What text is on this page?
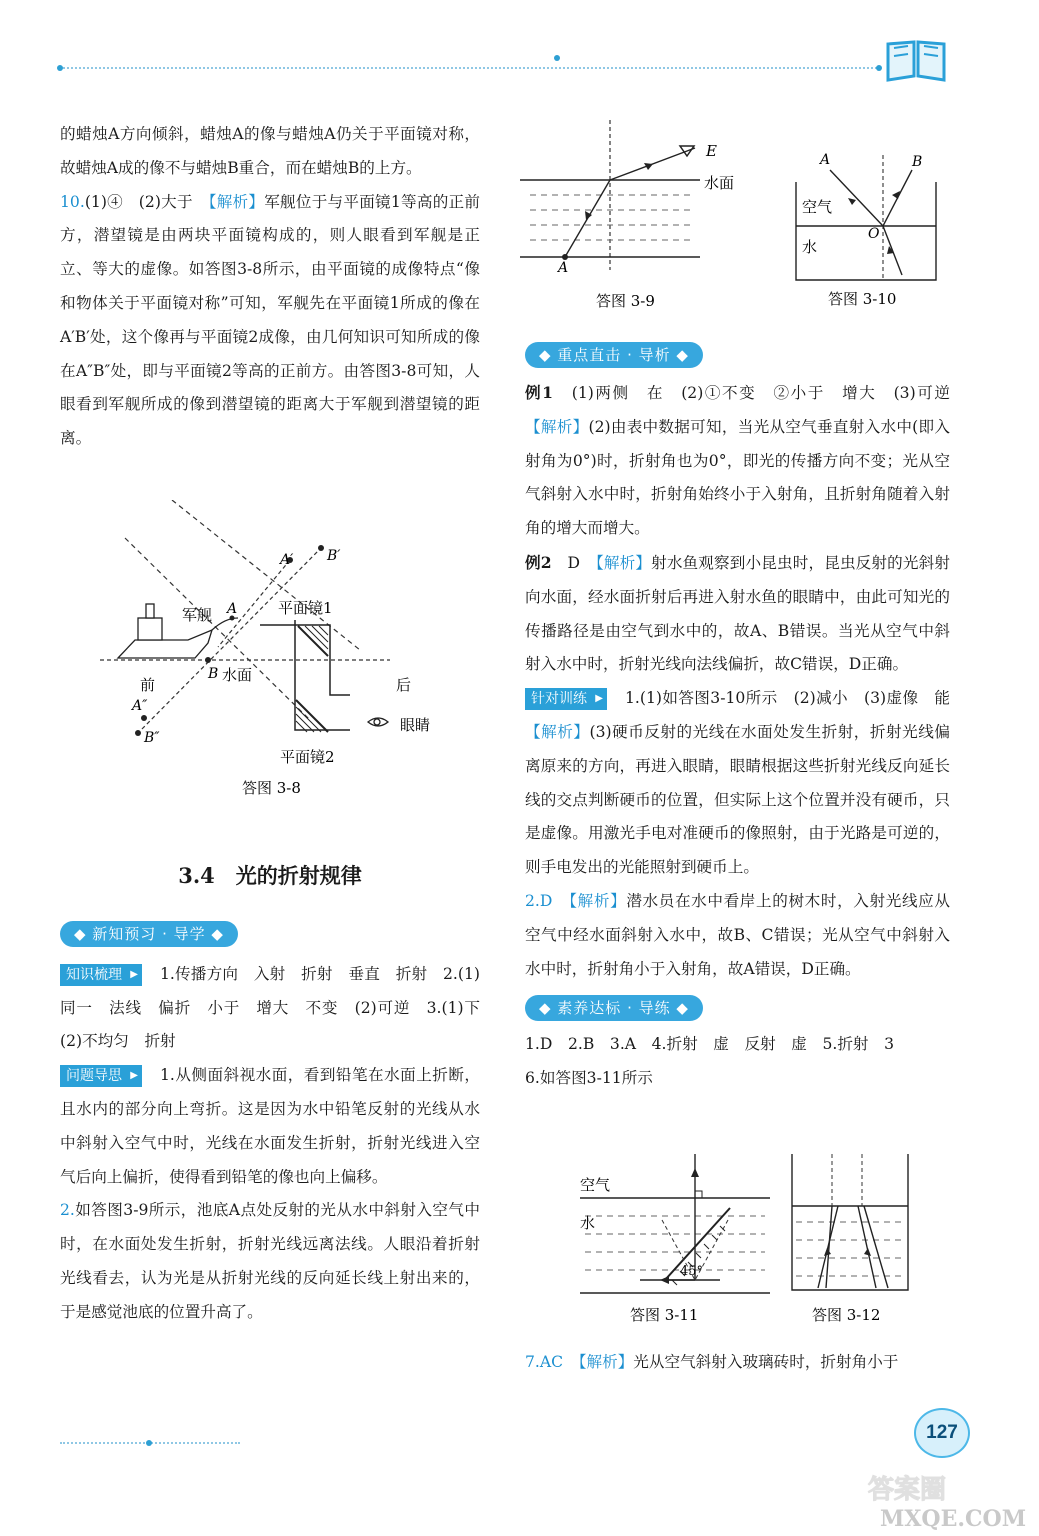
的蜡烛A方向倾斜，蜡烛A的像与蜡烛A仍关于平面镜对称，故蜡烛A成的像不与蜡烛B重合，而在蜡烛B的上方。

10.(1)④　(2)大于　 【 解析 】 军舰位于与平面镜1等高的正前方，潜望镜是由两块平面镜构成的，则人眼看到军舰是正立、等大的虚像。如答图3-8所示，由平面镜的成像特点“像和物体关于平面镜对称”可知，军舰先在平面镜1所成的像在A′B′处，这个像再与平面镜2成像，由几何知识可知所成的像在A″B″处，即与平面镜2等高的正前方。由答图3-8可知，人眼看到军舰所成的像到潜望镜的距离大于军舰到潜望镜的距离。

A′ B′
军舰 A	平面镜1
B 水面
前
A″
B″
后
眼睛
平面镜2
答图 3-8
3.4　光的折射规律

◆ 新知预习 · 导学 ◆

知识梳理 ▶ 1.传播方向　入射　折射　垂直　折射　 2.(1)同一　法线　偏折　小于　增大　不变　 (2)可逆　 3.(1)下　(2)不均匀　折射

问题导思 ▶ 1.从侧面斜视水面，看到铅笔在水面上折断，且水内的部分向上弯折。这是因为水中铅笔反射的光线从水中斜射入空气中时，光线在水面发生折射，折射光线进入空气后向上偏折，使得看到铅笔的像也向上偏移。

2.如答图3-9所示，池底A点处反射的光从水中斜射入空气中时，在水面处发生折射，折射光线远离法线。人眼沿着折射光线看去，认为光是从折射光线的反向延长线上射出来的，于是感觉池底的位置升高了。

E
水面
A
答图 3-9
A	B
空气
O
水
答图 3-10
◆ 重点直击 · 导析 ◆

例1　 (1)两侧　在　(2)①不变　②小于　增大　(3)可逆　【 解析 】 (2)由表中数据可知，当光从空气垂直射入水中(即入射角为0°)时，折射角也为0°，即光的传播方向不变；光从空气斜射入水中时，折射角始终小于入射角，且折射角随着入射角的增大而增大。

例2　 D　 【 解析 】 射水鱼观察到小昆虫时，昆虫反射的光斜射向水面，经水面折射后再进入射水鱼的眼睛中，由此可知光的传播路径是由空气到水中的，故A、B错误。当光从空气中斜射入水中时，折射光线向法线偏折，故C错误，D正确。

针对训练 ▶ 1.(1)如答图3-10所示　(2)减小　(3)虚像　能　【 解析 】 (3)硬币反射的光线在水面处发生折射，折射光线偏离原来的方向，再进入眼睛，眼睛根据这些折射光线反向延长线的交点判断硬币的位置，但实际上这个位置并没有硬币，只是虚像。用激光手电对准硬币的像照射，由于光路是可逆的，则手电发出的光能照射到硬币上。

2.D　 【 解析 】 潜水员在水中看岸上的树木时，入射光线应从空气中经水面斜射入水中，故B、C错误；光从空气中斜射入水中时，折射角小于入射角，故A错误，D正确。

◆ 素养达标 · 导练 ◆

1.D　2.B　3.A　4.折射　虚　反射　虚　5.折射　3

6.如答图3-11所示

空气
水
45°
答图 3-11	答图 3-12

7.AC　 【 解析 】 光从空气斜射入玻璃砖时，折射角小于

127
答案圈
MXQE.COM
